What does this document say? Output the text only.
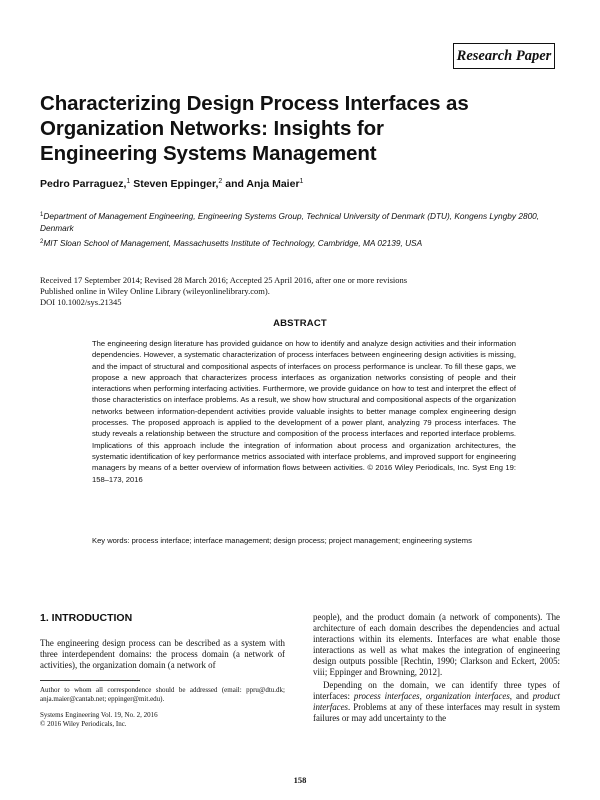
Research Paper
Characterizing Design Process Interfaces as
Organization Networks: Insights for
Engineering Systems Management

Pedro Parraguez,$^1$ Steven Eppinger,$^2$ and Anja Maier$^1$

$^1$Department of Management Engineering, Engineering Systems Group, Technical University of Denmark (DTU), Kongens Lyngby 2800, Denmark

$^2$MIT Sloan School of Management, Massachusetts Institute of Technology, Cambridge, MA 02139, USA

Received 17 September 2014; Revised 28 March 2016; Accepted 25 April 2016, after one or more revisions

Published online in Wiley Online Library (wileyonlinelibrary.com).

DOI 10.1002/sys.21345

ABSTRACT

The engineering design literature has provided guidance on how to identify and analyze design activities and their information dependencies. However, a systematic characterization of process interfaces between engineering design activities is missing, and the impact of structural and compositional aspects of interfaces on process performance is unclear. To fill these gaps, we propose a new approach that characterizes process interfaces as organization networks consisting of people and their interactions when performing interfacing activities. Furthermore, we provide guidance on how to test and interpret the effect of those characteristics on interface problems. As a result, we show how structural and compositional aspects of the organization networks between information-dependent activities provide valuable insights to better manage complex engineering design processes. The proposed approach is applied to the development of a power plant, analyzing 79 process interfaces. The study reveals a relationship between the structure and composition of the process interfaces and reported interface problems. Implications of this approach include the integration of information about process and organization architectures, the systematic identification of key performance metrics associated with interface problems, and improved support for engineering managers by means of a better overview of information flows between activities. © 2016 Wiley Periodicals, Inc. Syst Eng 19: 158–173, 2016

Key words: process interface; interface management; design process; project management; engineering systems

1. INTRODUCTION

The engineering design process can be described as a system with three interdependent domains: the process domain (a network of activities), the organization domain (a network of

people), and the product domain (a network of components). The architecture of each domain describes the dependencies and actual interactions within its elements. Interfaces are what enable those interactions as well as what makes the integration of engineering design outputs possible [Rechtin, 1990; Clarkson and Eckert, 2005: viii; Eppinger and Browning, 2012].

Depending on the domain, we can identify three types of interfaces: process interfaces, organization interfaces, and product interfaces. Problems at any of these interfaces may result in system failures or may add uncertainty to the

Author to whom all correspondence should be addressed (email: ppru@dtu.dk; anja.maier@cantab.net; eppinger@mit.edu).

Systems Engineering Vol. 19, No. 2, 2016

© 2016 Wiley Periodicals, Inc.

158
